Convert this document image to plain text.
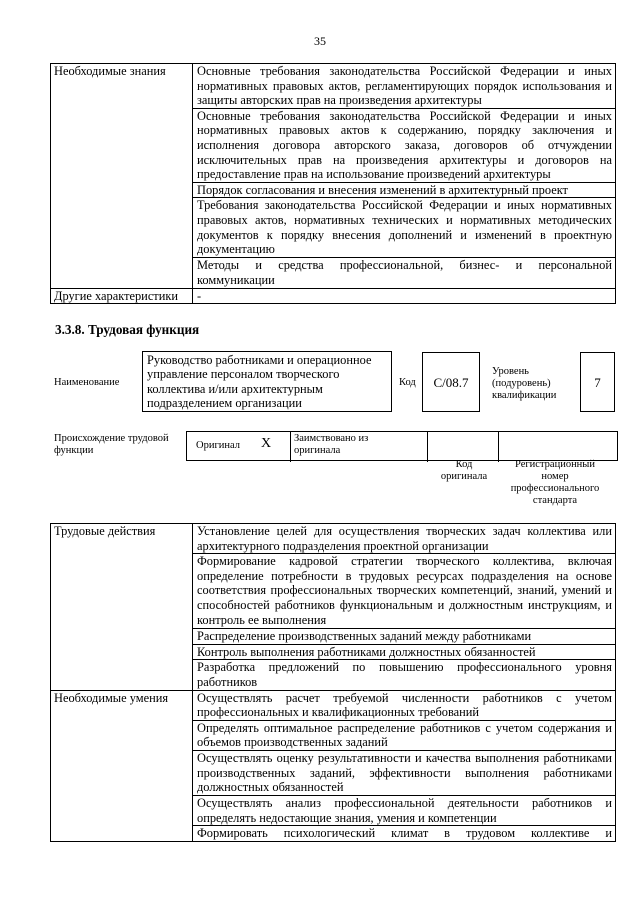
35
Необходимые знания	Основные требования законодательства Российской Федерации и иных нормативных правовых актов, регламентирующих порядок использования и защиты авторских прав на произведения архитектуры
	Основные требования законодательства Российской Федерации и иных нормативных правовых актов к содержанию, порядку заключения и исполнения договора авторского заказа, договоров об отчуждении исключительных прав на произведения архитектуры и договоров на предоставление прав на использование произведений архитектуры
	Порядок согласования и внесения изменений в архитектурный проект
	Требования законодательства Российской Федерации и иных нормативных правовых актов, нормативных технических и нормативных методических документов к порядку внесения дополнений и изменений в проектную документацию
	Методы и средства профессиональной, бизнес- и персональной коммуникации
Другие характеристики	-
3.3.8. Трудовая функция
Наименование
Руководство работниками и операционное управление персоналом творческого коллектива и/или архитектурным подразделением организации
Код	С/08.7
Уровень (подуровень) квалификации
7
Происхождение трудовой функции	Оригинал X Заимствовано из оригинала
Код оригинала
Регистрационный номер профессионального стандарта
Трудовые действия	Установление целей для осуществления творческих задач коллектива или архитектурного подразделения проектной организации
	Формирование кадровой стратегии творческого коллектива, включая определение потребности в трудовых ресурсах подразделения на основе соответствия профессиональных творческих компетенций, знаний, умений и способностей работников функциональным и должностным инструкциям, и контроль ее выполнения
	Распределение производственных заданий между работниками
	Контроль выполнения работниками должностных обязанностей
	Разработка предложений по повышению профессионального уровня работников
Необходимые умения	Осуществлять расчет требуемой численности работников с учетом профессиональных и квалификационных требований
	Определять оптимальное распределение работников с учетом содержания и объемов производственных заданий
	Осуществлять оценку результативности и качества выполнения работниками производственных заданий, эффективности выполнения работниками должностных обязанностей
	Осуществлять анализ профессиональной деятельности работников и определять недостающие знания, умения и компетенции
	Формировать психологический климат в трудовом коллективе и
